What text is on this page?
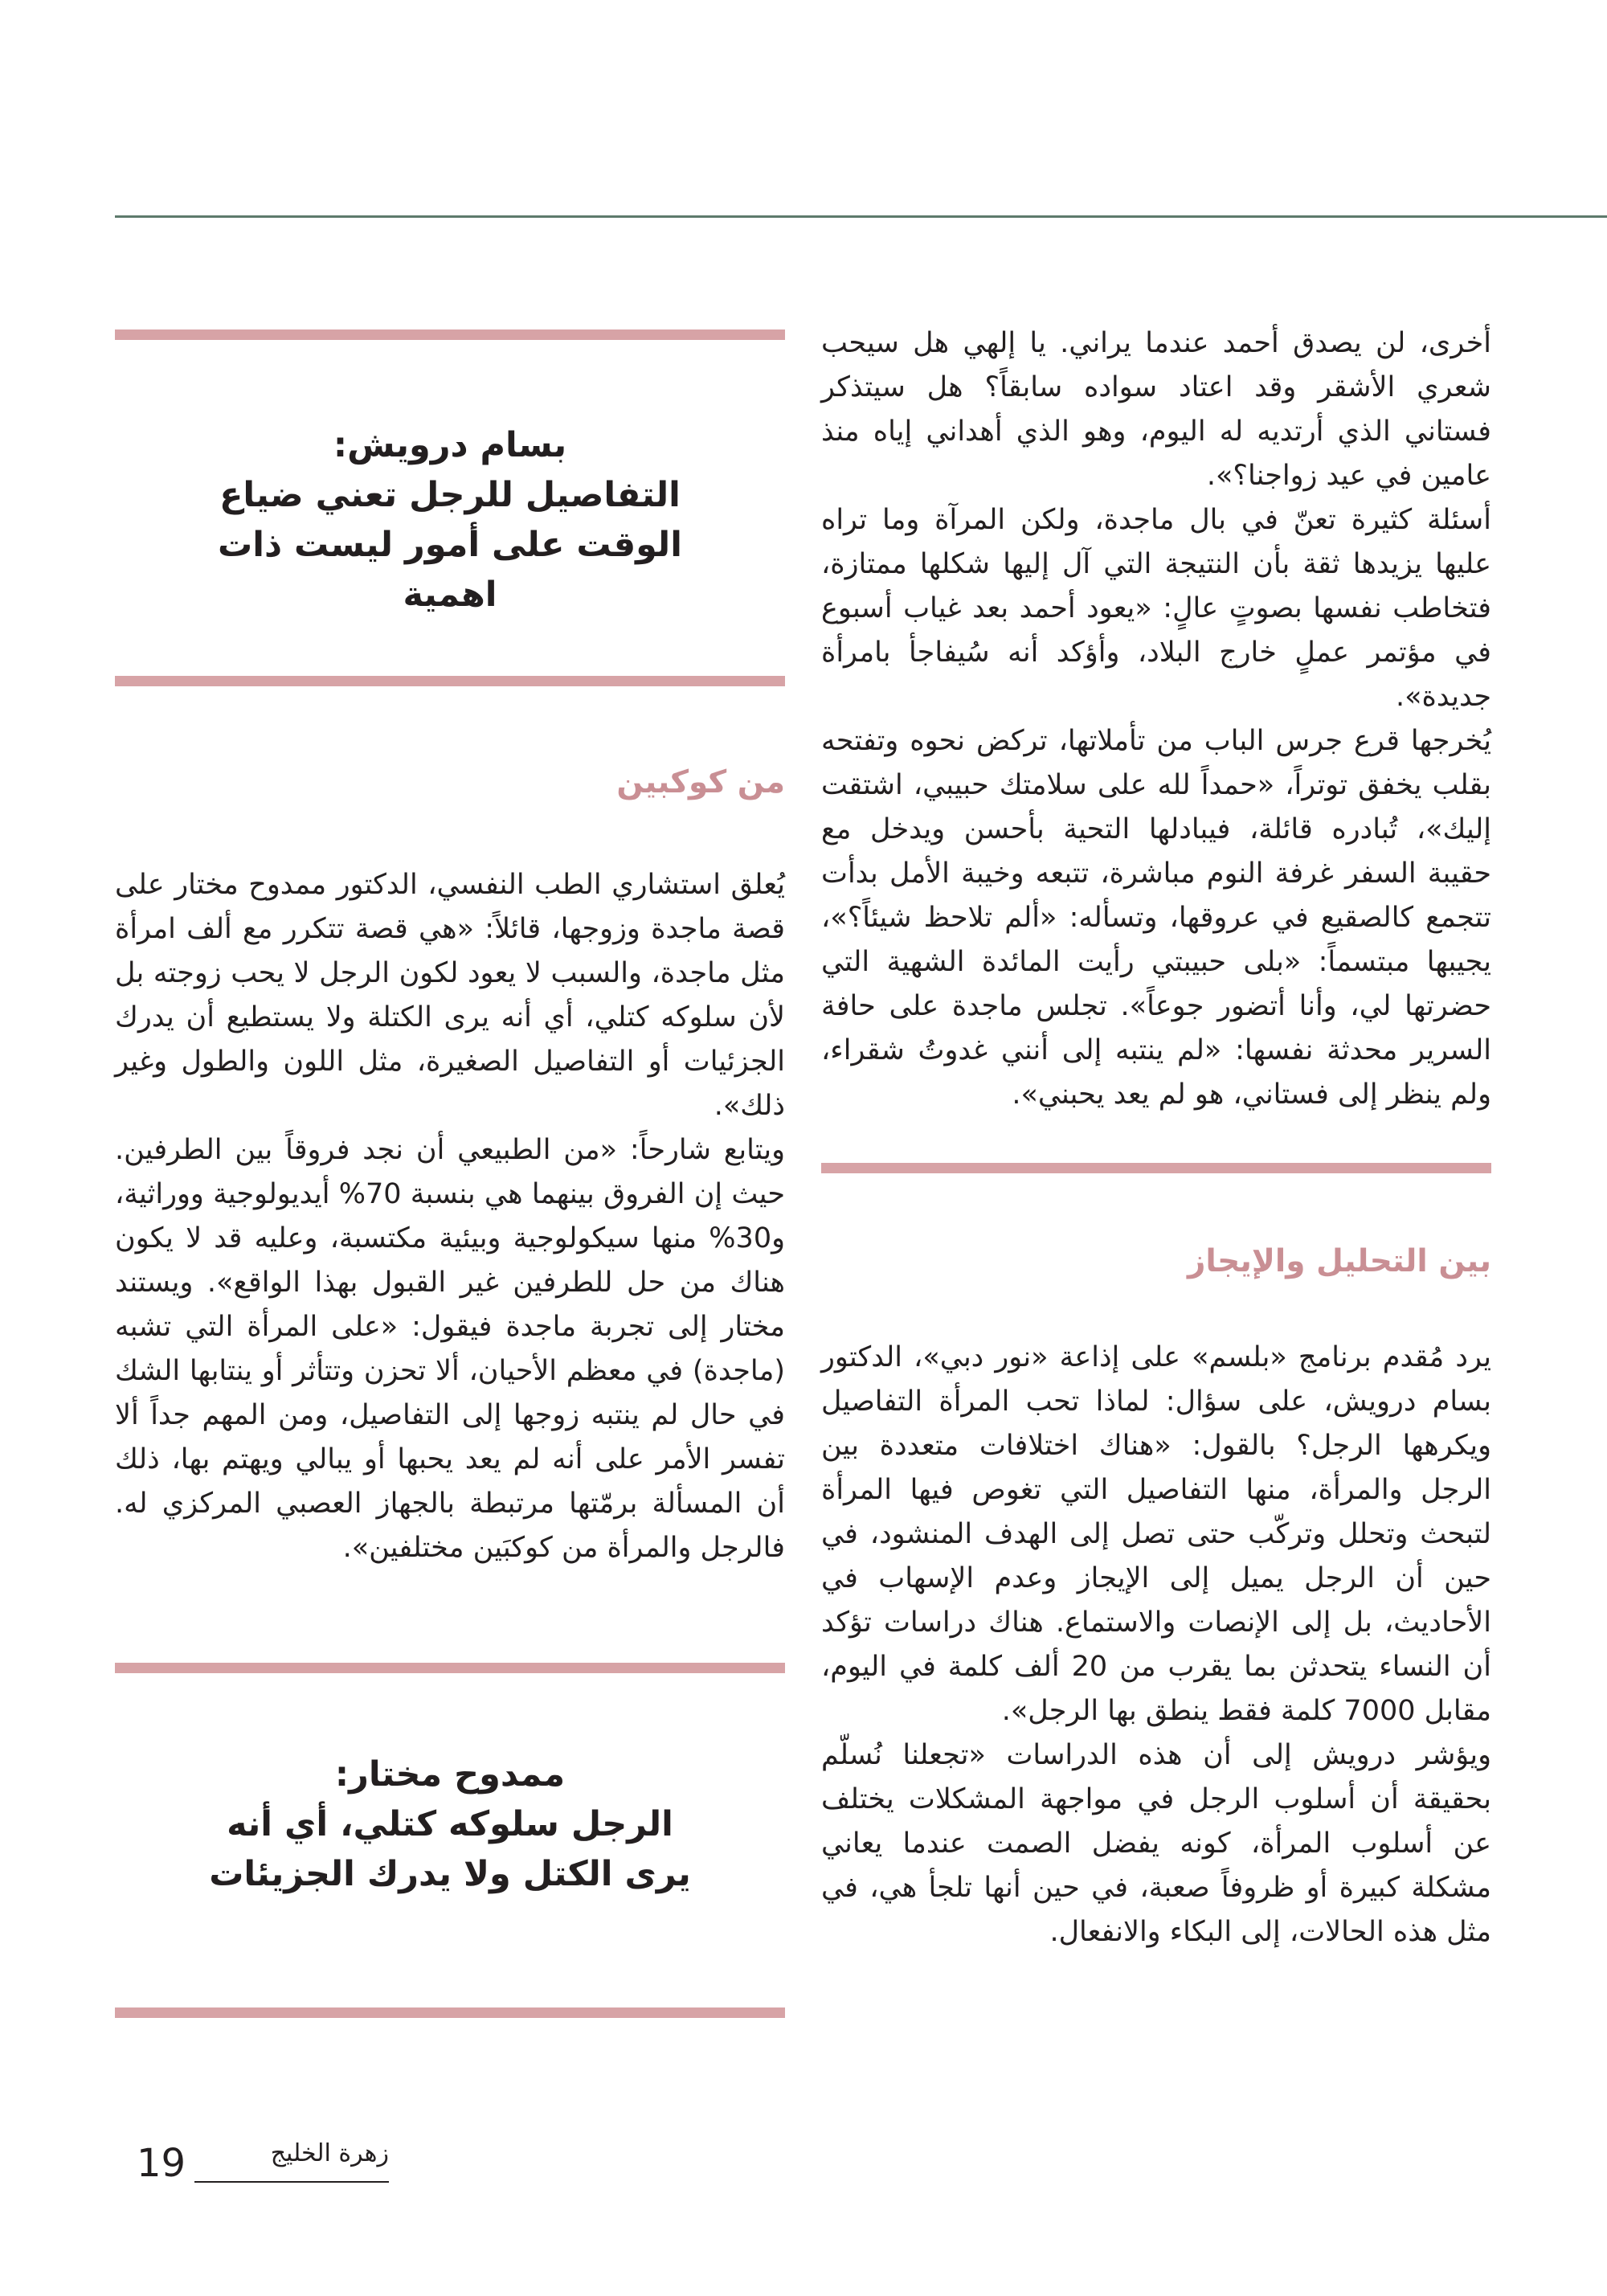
أخرى، لن يصدق أحمد عندما يراني. يا إلهي هل سيحب شعري الأشقر وقد اعتاد سواده سابقاً؟ هل سيتذكر فستاني الذي أرتديه له اليوم، وهو الذي أهداني إياه منذ عامين في عيد زواجنا؟».

أسئلة كثيرة تعنّ في بال ماجدة، ولكن المرآة وما تراه عليها يزيدها ثقة بأن النتيجة التي آل إليها شكلها ممتازة، فتخاطب نفسها بصوتٍ عالٍ: «يعود أحمد بعد غياب أسبوع في مؤتمر عملٍ خارج البلاد، وأؤكد أنه سُيفاجأ بامرأة جديدة».

يُخرجها قرع جرس الباب من تأملاتها، تركض نحوه وتفتحه بقلب يخفق توتراً، «حمداً لله على سلامتك حبيبي، اشتقت إليك»، تُبادره قائلة، فيبادلها التحية بأحسن ويدخل مع حقيبة السفر غرفة النوم مباشرة، تتبعه وخيبة الأمل بدأت تتجمع كالصقيع في عروقها، وتسأله: «ألم تلاحظ شيئاً؟»، يجيبها مبتسماً: «بلى حبيبتي رأيت المائدة الشهية التي حضرتها لي، وأنا أتضور جوعاً». تجلس ماجدة على حافة السرير محدثة نفسها: «لم ينتبه إلى أنني غدوتُ شقراء، ولم ينظر إلى فستاني، هو لم يعد يحبني».

بين التحليل والإيجاز

يرد مُقدم برنامج «بلسم» على إذاعة «نور دبي»، الدكتور بسام درويش، على سؤال: لماذا تحب المرأة التفاصيل ويكرهها الرجل؟ بالقول: «هناك اختلافات متعددة بين الرجل والمرأة، منها التفاصيل التي تغوص فيها المرأة لتبحث وتحلل وتركّب حتى تصل إلى الهدف المنشود، في حين أن الرجل يميل إلى الإيجاز وعدم الإسهاب في الأحاديث، بل إلى الإنصات والاستماع. هناك دراسات تؤكد أن النساء يتحدثن بما يقرب من 20 ألف كلمة في اليوم، مقابل 7000 كلمة فقط ينطق بها الرجل».

ويؤشر درويش إلى أن هذه الدراسات «تجعلنا نُسلّم بحقيقة أن أسلوب الرجل في مواجهة المشكلات يختلف عن أسلوب المرأة، كونه يفضل الصمت عندما يعاني مشكلة كبيرة أو ظروفاً صعبة، في حين أنها تلجأ هي، في مثل هذه الحالات، إلى البكاء والانفعال.

بسام درويش:
التفاصيل للرجل تعني ضياع الوقت على أمور ليست ذات اهمية
من كوكبين

يُعلق استشاري الطب النفسي، الدكتور ممدوح مختار على قصة ماجدة وزوجها، قائلاً: «هي قصة تتكرر مع ألف امرأة مثل ماجدة، والسبب لا يعود لكون الرجل لا يحب زوجته بل لأن سلوكه كتلي، أي أنه يرى الكتلة ولا يستطيع أن يدرك الجزئيات أو التفاصيل الصغيرة، مثل اللون والطول وغير ذلك».

ويتابع شارحاً: «من الطبيعي أن نجد فروقاً بين الطرفين. حيث إن الفروق بينهما هي بنسبة 70% أيديولوجية ووراثية، و30% منها سيكولوجية وبيئية مكتسبة، وعليه قد لا يكون هناك من حل للطرفين غير القبول بهذا الواقع». ويستند مختار إلى تجربة ماجدة فيقول: «على المرأة التي تشبه (ماجدة) في معظم الأحيان، ألا تحزن وتتأثر أو ينتابها الشك في حال لم ينتبه زوجها إلى التفاصيل، ومن المهم جداً ألا تفسر الأمر على أنه لم يعد يحبها أو يبالي ويهتم بها، ذلك أن المسألة برمّتها مرتبطة بالجهاز العصبي المركزي له. فالرجل والمرأة من كوكبَين مختلفين».

ممدوح مختار:
الرجل سلوكه كتلي، أي أنه يرى الكتل ولا يدرك الجزيئات
19	زهرة الخليج
